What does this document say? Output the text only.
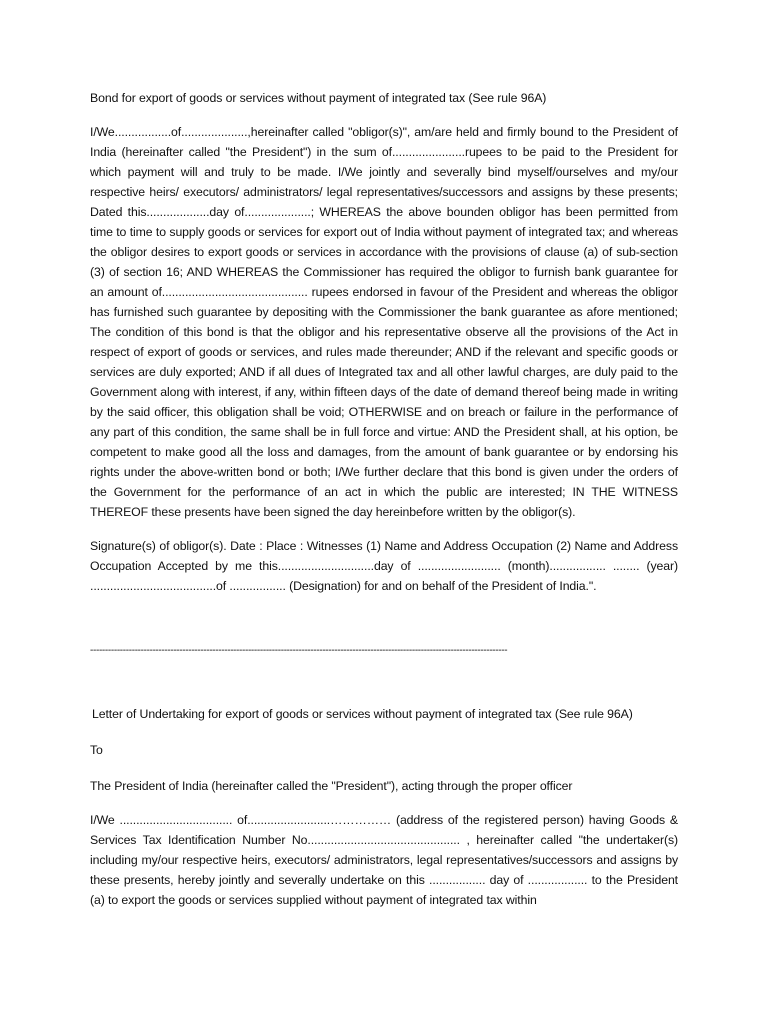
Bond for export of goods or services without payment of integrated tax (See rule 96A)

I/We.................of....................,hereinafter called "obligor(s)", am/are held and firmly bound to the President of India (hereinafter called "the President") in the sum of......................rupees to be paid to the President for which payment will and truly to be made. I/We jointly and severally bind myself/ourselves and my/our respective heirs/ executors/ administrators/ legal representatives/successors and assigns by these presents; Dated this...................day of....................; WHEREAS the above bounden obligor has been permitted from time to time to supply goods or services for export out of India without payment of integrated tax; and whereas the obligor desires to export goods or services in accordance with the provisions of clause (a) of sub-section (3) of section 16; AND WHEREAS the Commissioner has required the obligor to furnish bank guarantee for an amount of............................................ rupees endorsed in favour of the President and whereas the obligor has furnished such guarantee by depositing with the Commissioner the bank guarantee as afore mentioned; The condition of this bond is that the obligor and his representative observe all the provisions of the Act in respect of export of goods or services, and rules made thereunder; AND if the relevant and specific goods or services are duly exported; AND if all dues of Integrated tax and all other lawful charges, are duly paid to the Government along with interest, if any, within fifteen days of the date of demand thereof being made in writing by the said officer, this obligation shall be void; OTHERWISE and on breach or failure in the performance of any part of this condition, the same shall be in full force and virtue: AND the President shall, at his option, be competent to make good all the loss and damages, from the amount of bank guarantee or by endorsing his rights under the above-written bond or both; I/We further declare that this bond is given under the orders of the Government for the performance of an act in which the public are interested; IN THE WITNESS THEREOF these presents have been signed the day hereinbefore written by the obligor(s).

Signature(s) of obligor(s). Date : Place : Witnesses (1) Name and Address Occupation (2) Name and Address Occupation Accepted by me this.............................day of ......................... (month)................. ........ (year) ......................................of ................. (Designation) for and on behalf of the President of India.".

--------------------------------------------------------------------------------------------------------------------------------------------

Letter of Undertaking for export of goods or services without payment of integrated tax (See rule 96A)

To

The President of India (hereinafter called the "President"), acting through the proper officer

I/We .................................. of.........................…………… (address of the registered person) having Goods & Services Tax Identification Number No.............................................. , hereinafter called "the undertaker(s) including my/our respective heirs, executors/ administrators, legal representatives/successors and assigns by these presents, hereby jointly and severally undertake on this ................. day of .................. to the President (a) to export the goods or services supplied without payment of integrated tax within
